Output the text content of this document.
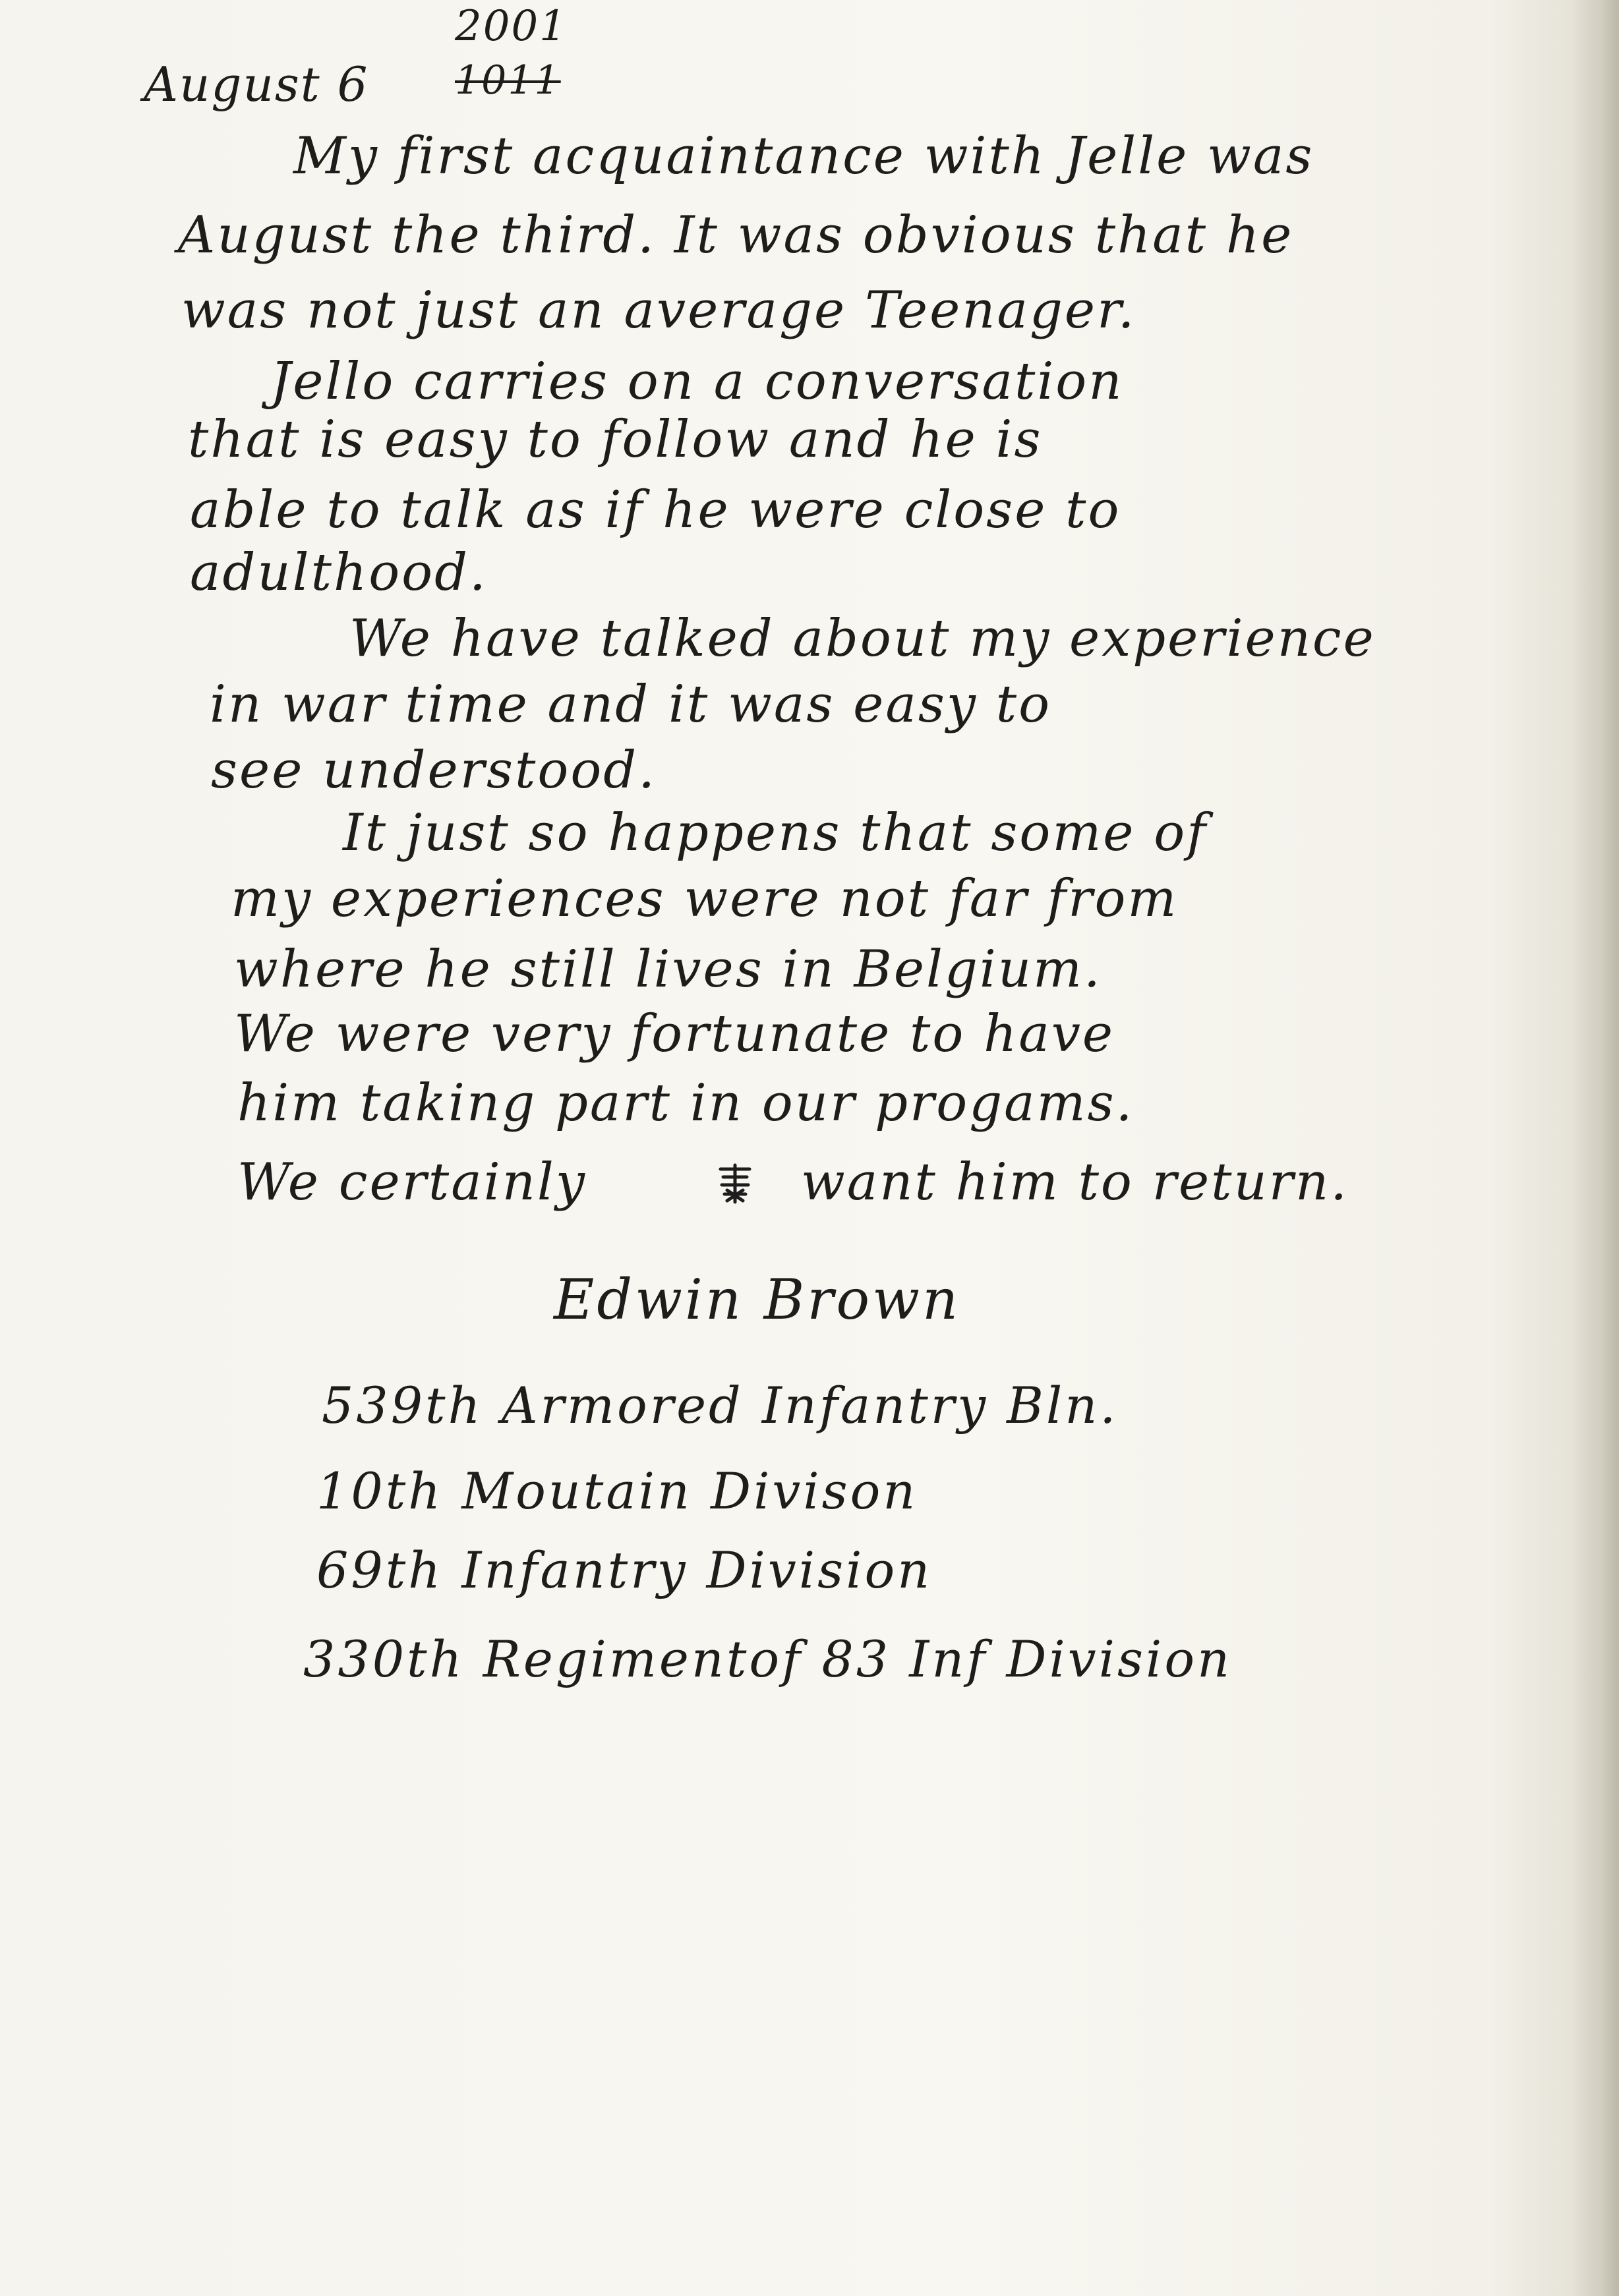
August 6
2001
1011
My first acquaintance with Jelle was
August the third. It was obvious that he
was not just an average Teenager.
Jello carries on a conversation
that is easy to follow and he is
able to talk as if he were close to
adulthood.
We have talked about my experience
in war time and it was easy to
see understood.
It just so happens that some of
my experiences were not far from
where he still lives in Belgium.
We were very fortunate to have
him taking part in our progams.
We certainly	want him to return.
Edwin Brown
539th Armored Infantry Bln.
10th Moutain Divison
69th Infantry Division
330th Regimentof 83 Inf Division
